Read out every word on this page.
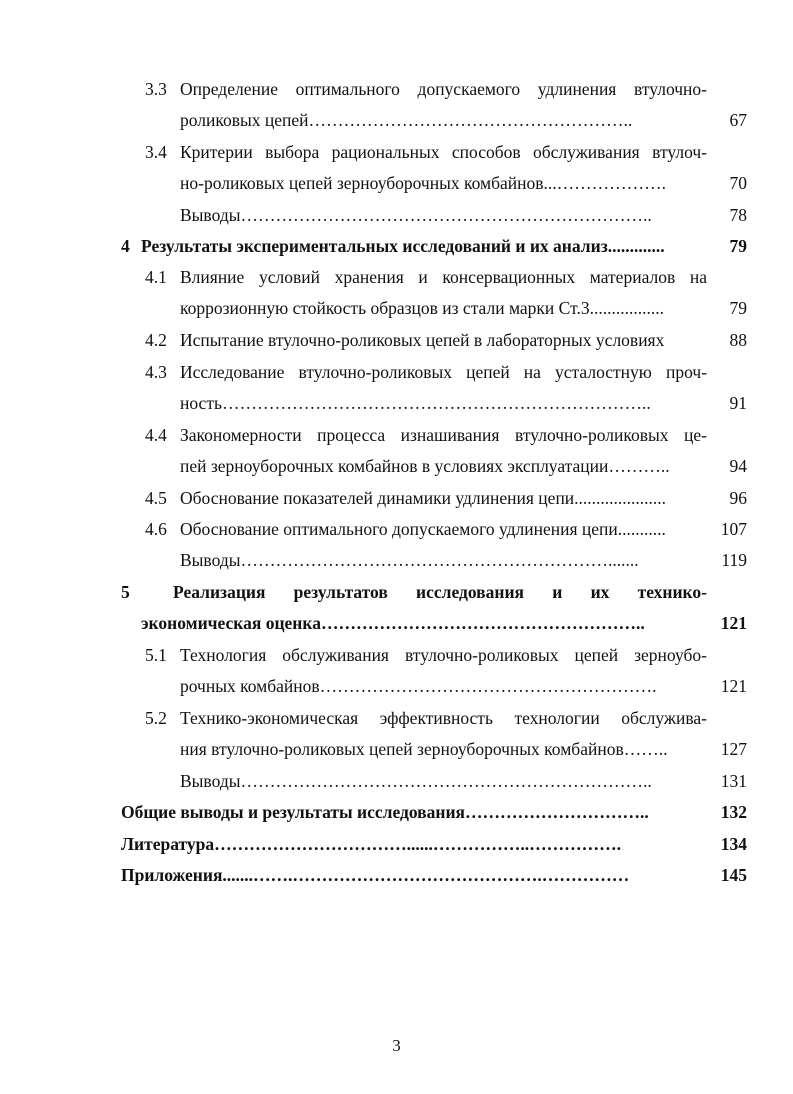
3.3 Определение оптимального допускаемого удлинения втулочно-
роликовых цепей………………………………………………..	67
3.4 Критерии выбора рациональных способов обслуживания втулоч-
но-роликовых цепей зерноуборочных комбайнов...……………….	70
Выводы……………………………………………………………..	78
4 Результаты экспериментальных исследований и их анализ.............	79
4.1 Влияние условий хранения и консервационных материалов на
коррозионную стойкость образцов из стали марки Ст.3.................	79
4.2 Испытание втулочно-роликовых цепей в лабораторных условиях	88
4.3 Исследование втулочно-роликовых цепей на усталостную проч-
ность………………………………………………………………..	91
4.4 Закономерности процесса изнашивания втулочно-роликовых це-
пей зерноуборочных комбайнов в условиях эксплуатации………..	94
4.5 Обоснование показателей динамики удлинения цепи.....................	96
4.6 Обоснование оптимального допускаемого удлинения цепи...........	107
Выводы……………………………………………………….......	119
5 Реализация результатов исследования и их технико-
экономическая оценка………………………………………………..	121
5.1 Технология обслуживания втулочно-роликовых цепей зерноубо-
рочных комбайнов………………………………………………….	121
5.2 Технико-экономическая эффективность технологии обслужива-
ния втулочно-роликовых цепей зерноуборочных комбайнов……..	127
Выводы……………………………………………………………..	131
Общие выводы и результаты исследования…………………………..	132
Литература……………………………......……………..…………….	134
Приложения.......…….…………………………………….……………	145
3
